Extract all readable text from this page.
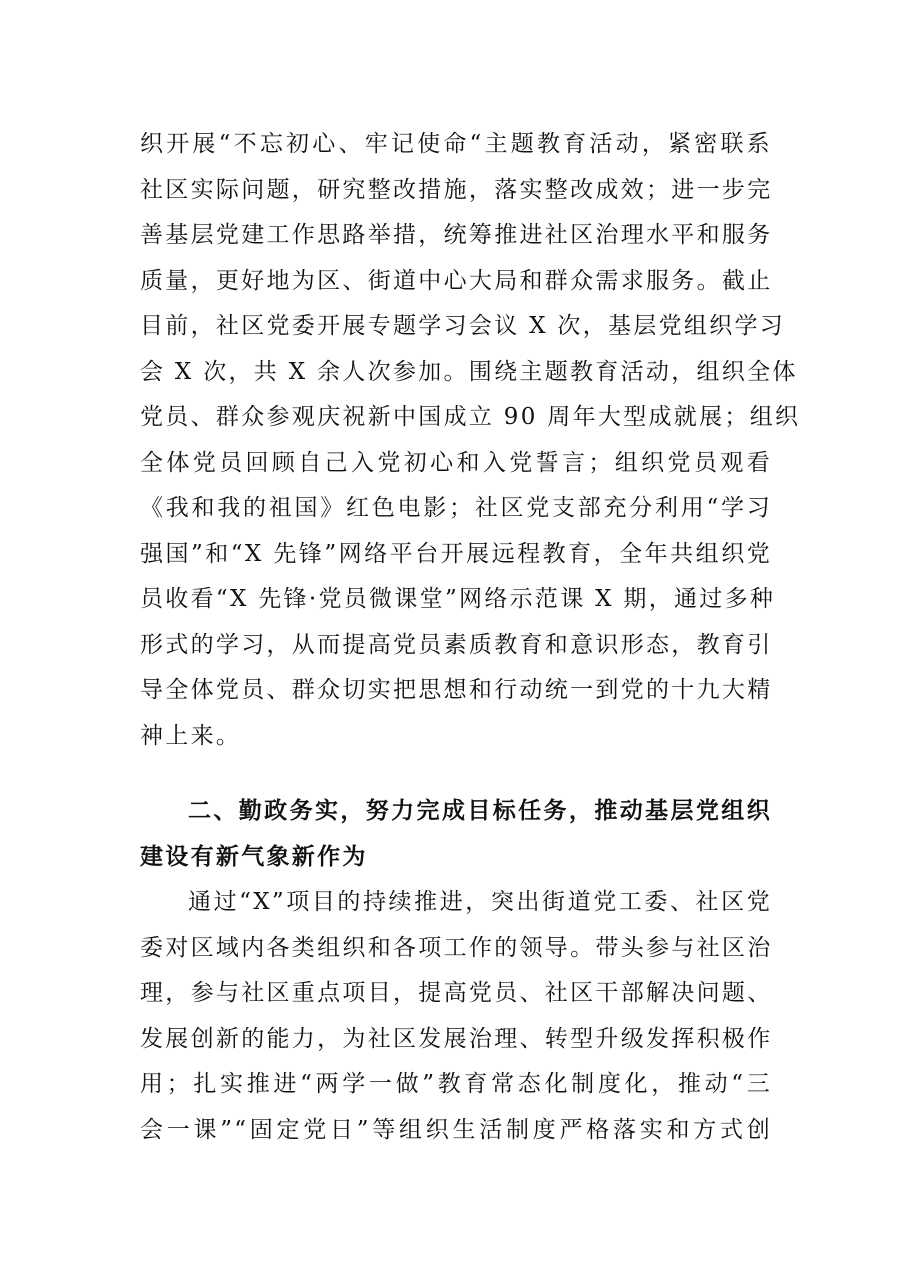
织开展“不忘初心、牢记使命“主题教育活动，紧密联系
社区实际问题，研究整改措施，落实整改成效；进一步完
善基层党建工作思路举措，统筹推进社区治理水平和服务
质量，更好地为区、街道中心大局和群众需求服务。截止
目前，社区党委开展专题学习会议 X 次，基层党组织学习
会 X 次，共 X 余人次参加。围绕主题教育活动，组织全体
党员、群众参观庆祝新中国成立 90 周年大型成就展；组织
全体党员回顾自己入党初心和入党誓言；组织党员观看
《我和我的祖国》红色电影；社区党支部充分利用“学习
强国”和“X 先锋”网络平台开展远程教育，全年共组织党
员收看“X 先锋·党员微课堂”网络示范课 X 期，通过多种
形式的学习，从而提高党员素质教育和意识形态，教育引
导全体党员、群众切实把思想和行动统一到党的十九大精
神上来。
二、勤政务实，努力完成目标任务，推动基层党组织
建设有新气象新作为
通过“X”项目的持续推进，突出街道党工委、社区党
委对区域内各类组织和各项工作的领导。带头参与社区治
理，参与社区重点项目，提高党员、社区干部解决问题、
发展创新的能力，为社区发展治理、转型升级发挥积极作
用；扎实推进“两学一做”教育常态化制度化，推动“三
会一课”“固定党日”等组织生活制度严格落实和方式创
